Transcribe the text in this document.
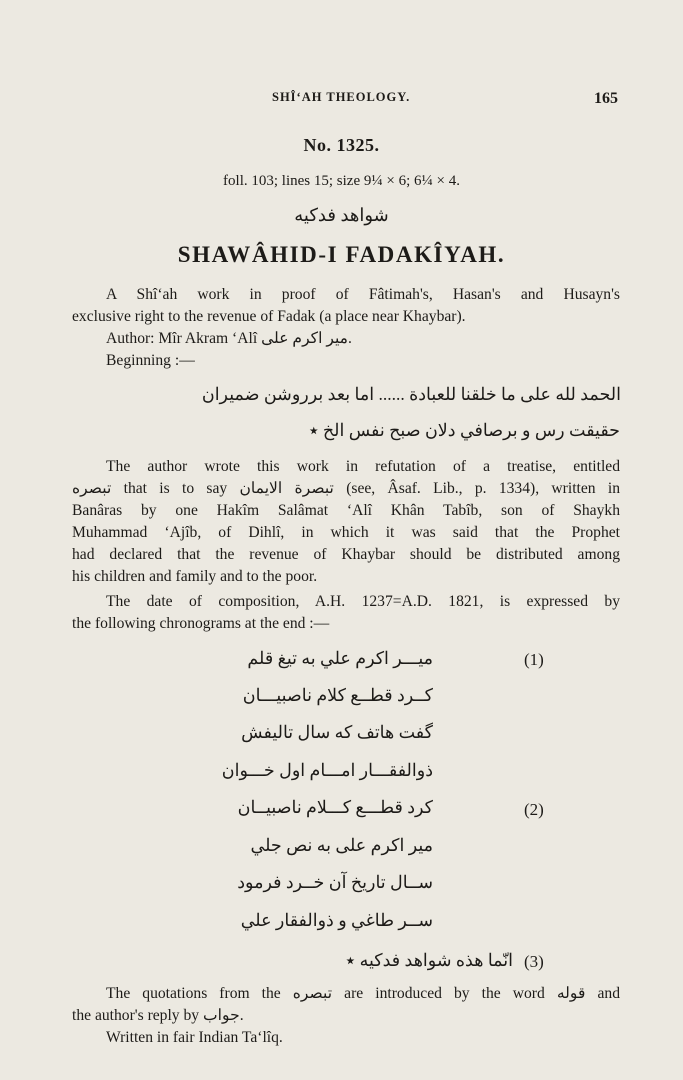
SHÎ‘AH THEOLOGY.	165
No. 1325.
foll. 103; lines 15; size 9¼ × 6; 6¼ × 4.
شواهد فدکیه
SHAWÂHID-I FADAKÎYAH.
A Shî‘ah work in proof of Fâtimah's, Hasan's and Husayn's
exclusive right to the revenue of Fadak (a place near Khaybar).
Author: Mîr Akram ‘Alî میر اکرم علی.
Beginning :—
الحمد لله علی ما خلقنا للعبادة ...... اما بعد برروشن ضمیران
حقیقت رس و برصافي دلان صبح نفس الخ ٭
The author wrote this work in refutation of a treatise, entitled
تبصره that is to say تبصرة الایمان (see, Âsaf. Lib., p. 1334), written in
Banâras by one Hakîm Salâmat ‘Alî Khân Tabîb, son of Shaykh
Muhammad ‘Ajîb, of Dihlî, in which it was said that the Prophet
had declared that the revenue of Khaybar should be distributed among
his children and family and to the poor.
The date of composition, A.H. 1237=A.D. 1821, is expressed by
the following chronograms at the end :—
(1)
میـــر اکرم علي به تیغ قلم
کــرد قطــع کلام ناصبیـــان
گفت هاتف که سال تالیفش
ذوالفقـــار امـــام اول خـــوان
(2)
کرد قطـــع کـــلام ناصبیــان
میر اکرم علی به نص جلي
ســال تاریخ آن خــرد فرمود
ســر طاغي و ذوالفقار علي
(3)
انّما هذه شواهد فدکیه ٭
The quotations from the تبصره are introduced by the word قوله and
the author's reply by جواب.
Written in fair Indian Ta‘lîq.
